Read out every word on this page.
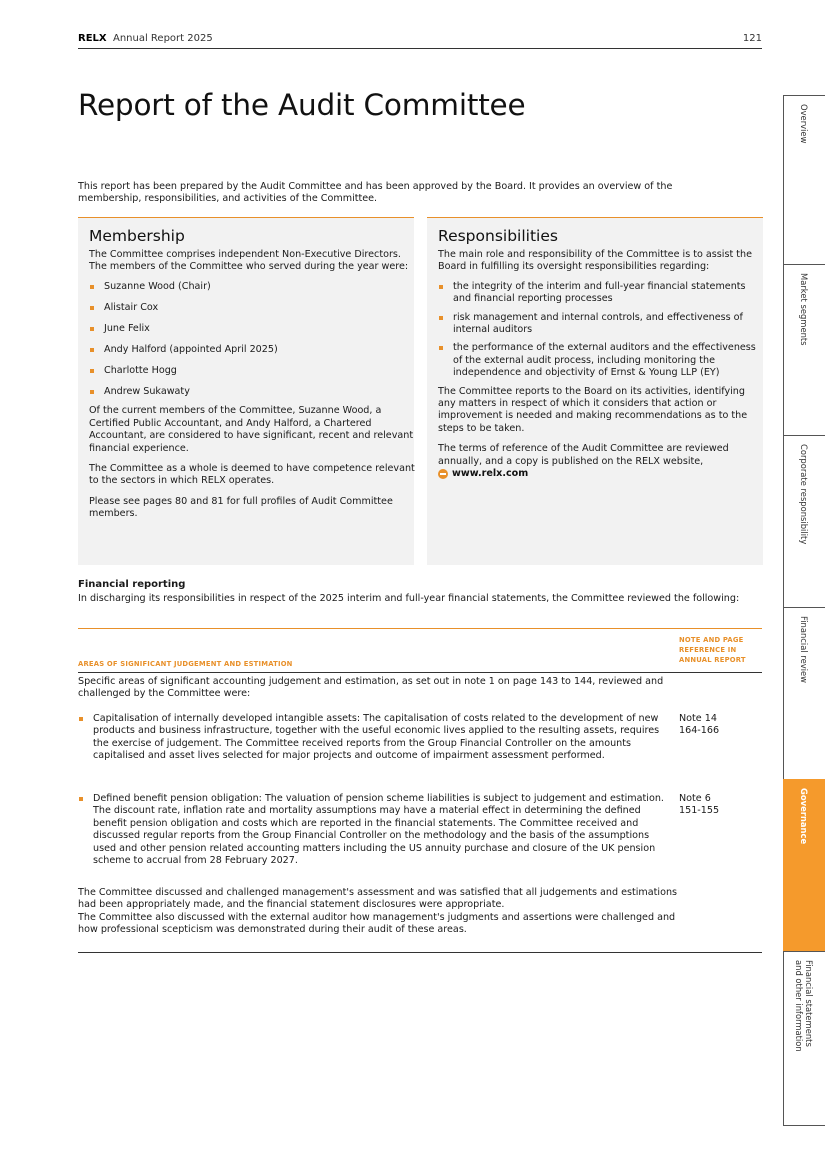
RELX Annual Report 2025	121
Report of the Audit Committee
This report has been prepared by the Audit Committee and has been approved by the Board. It provides an overview of the membership, responsibilities, and activities of the Committee.
Membership

The Committee comprises independent Non-Executive Directors. The members of the Committee who served during the year were:

Suzanne Wood (Chair)
Alistair Cox
June Felix
Andy Halford (appointed April 2025)
Charlotte Hogg
Andrew Sukawaty

Of the current members of the Committee, Suzanne Wood, a Certified Public Accountant, and Andy Halford, a Chartered Accountant, are considered to have significant, recent and relevant financial experience.

The Committee as a whole is deemed to have competence relevant to the sectors in which RELX operates.

Please see pages 80 and 81 for full profiles of Audit Committee members.

Responsibilities

The main role and responsibility of the Committee is to assist the Board in fulfilling its oversight responsibilities regarding:

the integrity of the interim and full-year financial statements and financial reporting processes
risk management and internal controls, and effectiveness of internal auditors
the performance of the external auditors and the effectiveness of the external audit process, including monitoring the independence and objectivity of Ernst & Young LLP (EY)

The Committee reports to the Board on its activities, identifying any matters in respect of which it considers that action or improvement is needed and making recommendations as to the steps to be taken.

The terms of reference of the Audit Committee are reviewed annually, and a copy is published on the RELX website,

www.relx.com
Financial reporting
In discharging its responsibilities in respect of the 2025 interim and full-year financial statements, the Committee reviewed the following:
AREAS OF SIGNIFICANT JUDGEMENT AND ESTIMATION
NOTE AND PAGE REFERENCE IN ANNUAL REPORT
Specific areas of significant accounting judgement and estimation, as set out in note 1 on page 143 to 144, reviewed and challenged by the Committee were:
Capitalisation of internally developed intangible assets: The capitalisation of costs related to the development of new products and business infrastructure, together with the useful economic lives applied to the resulting assets, requires the exercise of judgement. The Committee received reports from the Group Financial Controller on the amounts capitalised and asset lives selected for major projects and outcome of impairment assessment performed.
Note 14
164-166
Defined benefit pension obligation: The valuation of pension scheme liabilities is subject to judgement and estimation. The discount rate, inflation rate and mortality assumptions may have a material effect in determining the defined benefit pension obligation and costs which are reported in the financial statements. The Committee received and discussed regular reports from the Group Financial Controller on the methodology and the basis of the assumptions used and other pension related accounting matters including the US annuity purchase and closure of the UK pension scheme to accrual from 28 February 2027.
Note 6
151-155

The Committee discussed and challenged management's assessment and was satisfied that all judgements and estimations had been appropriately made, and the financial statement disclosures were appropriate.

The Committee also discussed with the external auditor how management's judgments and assertions were challenged and how professional scepticism was demonstrated during their audit of these areas.

Overview
Market segments
Corporate responsibility
Financial review
Governance
Financial statements
and other information
